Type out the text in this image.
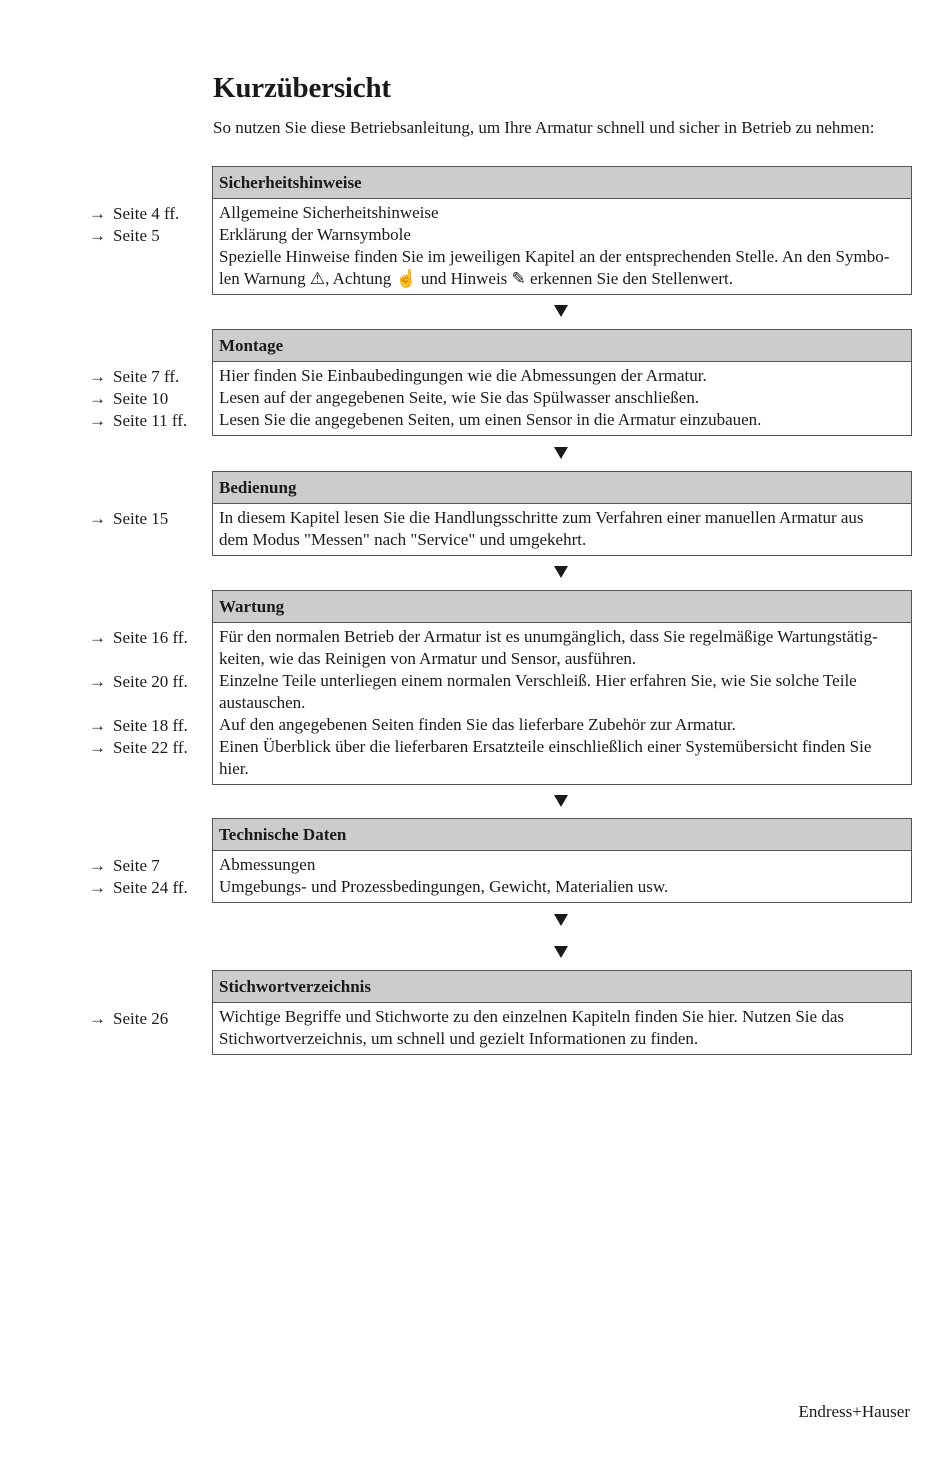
Kurzübersicht
So nutzen Sie diese Betriebsanleitung, um Ihre Armatur schnell und sicher in Betrieb zu nehmen:
→ Seite 4 ff.
→ Seite 5
Sicherheitshinweise
Allgemeine Sicherheitshinweise
Erklärung der Warnsymbole
Spezielle Hinweise finden Sie im jeweiligen Kapitel an der entsprechenden Stelle. An den Symbo-
len Warnung ⚠, Achtung ☝ und Hinweis ✎ erkennen Sie den Stellenwert.
→ Seite 7 ff.
→ Seite 10
→ Seite 11 ff.
Montage
Hier finden Sie Einbaubedingungen wie die Abmessungen der Armatur.
Lesen auf der angegebenen Seite, wie Sie das Spülwasser anschließen.
Lesen Sie die angegebenen Seiten, um einen Sensor in die Armatur einzubauen.
→ Seite 15
Bedienung
In diesem Kapitel lesen Sie die Handlungsschritte zum Verfahren einer manuellen Armatur aus
dem Modus "Messen" nach "Service" und umgekehrt.
→ Seite 16 ff.

→ Seite 20 ff.

→ Seite 18 ff.
→ Seite 22 ff.
Wartung
Für den normalen Betrieb der Armatur ist es unumgänglich, dass Sie regelmäßige Wartungstätig-
keiten, wie das Reinigen von Armatur und Sensor, ausführen.
Einzelne Teile unterliegen einem normalen Verschleiß. Hier erfahren Sie, wie Sie solche Teile
austauschen.
Auf den angegebenen Seiten finden Sie das lieferbare Zubehör zur Armatur.
Einen Überblick über die lieferbaren Ersatzteile einschließlich einer Systemübersicht finden Sie
hier.
→ Seite 7
→ Seite 24 ff.
Technische Daten
Abmessungen
Umgebungs- und Prozessbedingungen, Gewicht, Materialien usw.
→ Seite 26
Stichwortverzeichnis
Wichtige Begriffe und Stichworte zu den einzelnen Kapiteln finden Sie hier. Nutzen Sie das
Stichwortverzeichnis, um schnell und gezielt Informationen zu finden.
Endress+Hauser
